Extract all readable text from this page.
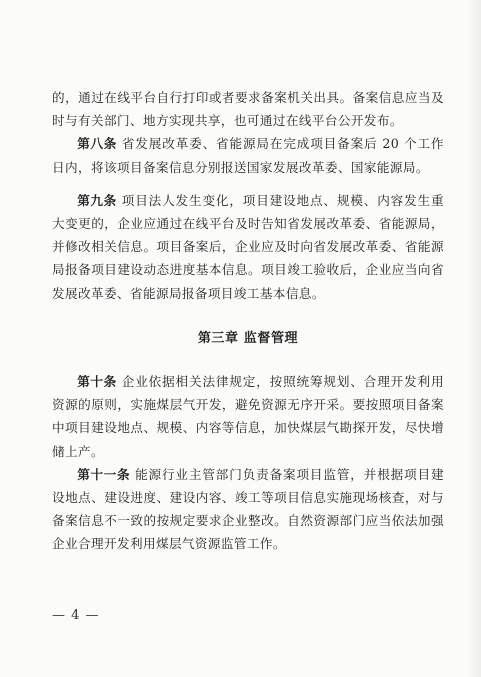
的，通过在线平台自行打印或者要求备案机关出具。备案信息应当及时与有关部门、地方实现共享，也可通过在线平台公开发布。

第八条 省发展改革委、省能源局在完成项目备案后 20 个工作日内，将该项目备案信息分别报送国家发展改革委、国家能源局。

第九条 项目法人发生变化，项目建设地点、规模、内容发生重大变更的，企业应通过在线平台及时告知省发展改革委、省能源局，并修改相关信息。项目备案后，企业应及时向省发展改革委、省能源局报备项目建设动态进度基本信息。项目竣工验收后，企业应当向省发展改革委、省能源局报备项目竣工基本信息。

第三章 监督管理

第十条 企业依据相关法律规定，按照统筹规划、合理开发利用资源的原则，实施煤层气开发，避免资源无序开采。要按照项目备案中项目建设地点、规模、内容等信息，加快煤层气勘探开发，尽快增储上产。

第十一条 能源行业主管部门负责备案项目监管，并根据项目建设地点、建设进度、建设内容、竣工等项目信息实施现场核查，对与备案信息不一致的按规定要求企业整改。自然资源部门应当依法加强企业合理开发利用煤层气资源监管工作。

— 4 —
